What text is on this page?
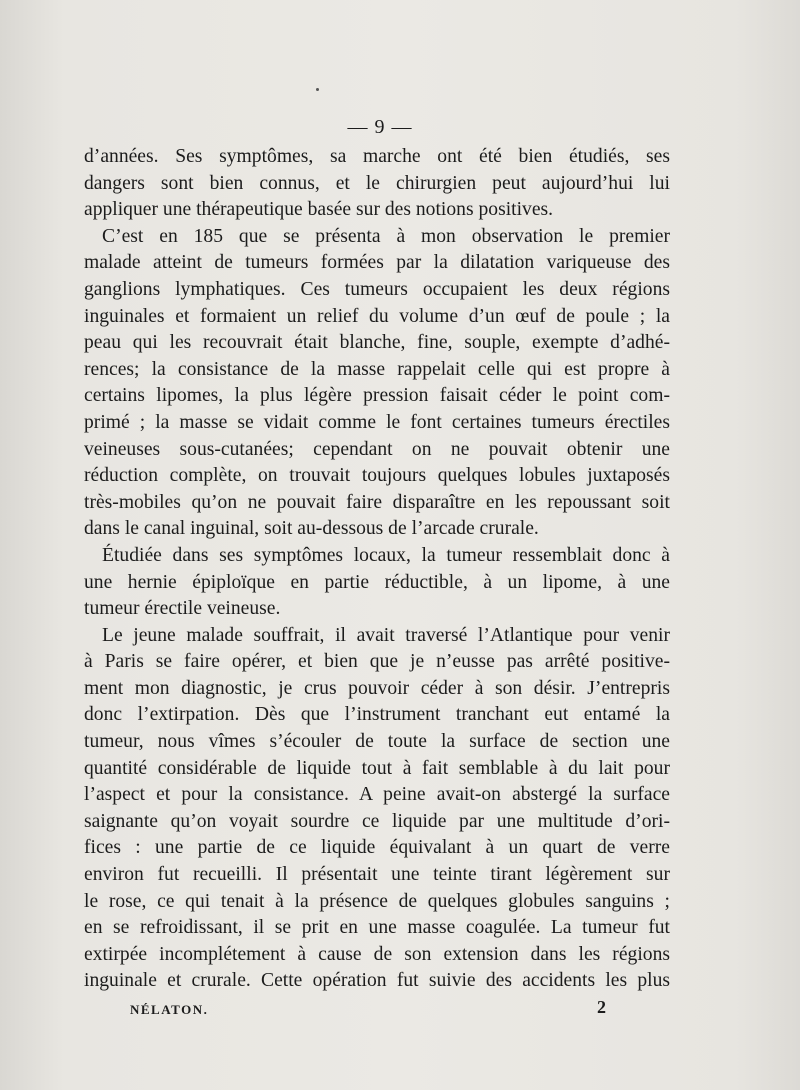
— 9 —

d’années. Ses symptômes, sa marche ont été bien étudiés, ses
dangers sont bien connus, et le chirurgien peut aujourd’hui lui
appliquer une thérapeutique basée sur des notions positives.

C’est en 185 que se présenta à mon observation le premier
malade atteint de tumeurs formées par la dilatation variqueuse des
ganglions lymphatiques. Ces tumeurs occupaient les deux régions
inguinales et formaient un relief du volume d’un œuf de poule ; la
peau qui les recouvrait était blanche, fine, souple, exempte d’adhé-
rences; la consistance de la masse rappelait celle qui est propre à
certains lipomes, la plus légère pression faisait céder le point com-
primé ; la masse se vidait comme le font certaines tumeurs érectiles
veineuses sous-cutanées; cependant on ne pouvait obtenir une
réduction complète, on trouvait toujours quelques lobules juxtaposés
très-mobiles qu’on ne pouvait faire disparaître en les repoussant soit
dans le canal inguinal, soit au-dessous de l’arcade crurale.

Étudiée dans ses symptômes locaux, la tumeur ressemblait donc à
une hernie épiploïque en partie réductible, à un lipome, à une
tumeur érectile veineuse.

Le jeune malade souffrait, il avait traversé l’Atlantique pour venir
à Paris se faire opérer, et bien que je n’eusse pas arrêté positive-
ment mon diagnostic, je crus pouvoir céder à son désir. J’entrepris
donc l’extirpation. Dès que l’instrument tranchant eut entamé la
tumeur, nous vîmes s’écouler de toute la surface de section une
quantité considérable de liquide tout à fait semblable à du lait pour
l’aspect et pour la consistance. A peine avait-on abstergé la surface
saignante qu’on voyait sourdre ce liquide par une multitude d’ori-
fices : une partie de ce liquide équivalant à un quart de verre
environ fut recueilli. Il présentait une teinte tirant légèrement sur
le rose, ce qui tenait à la présence de quelques globules sanguins ;
en se refroidissant, il se prit en une masse coagulée. La tumeur fut
extirpée incomplétement à cause de son extension dans les régions
inguinale et crurale. Cette opération fut suivie des accidents les plus

NÉLATON.	2
